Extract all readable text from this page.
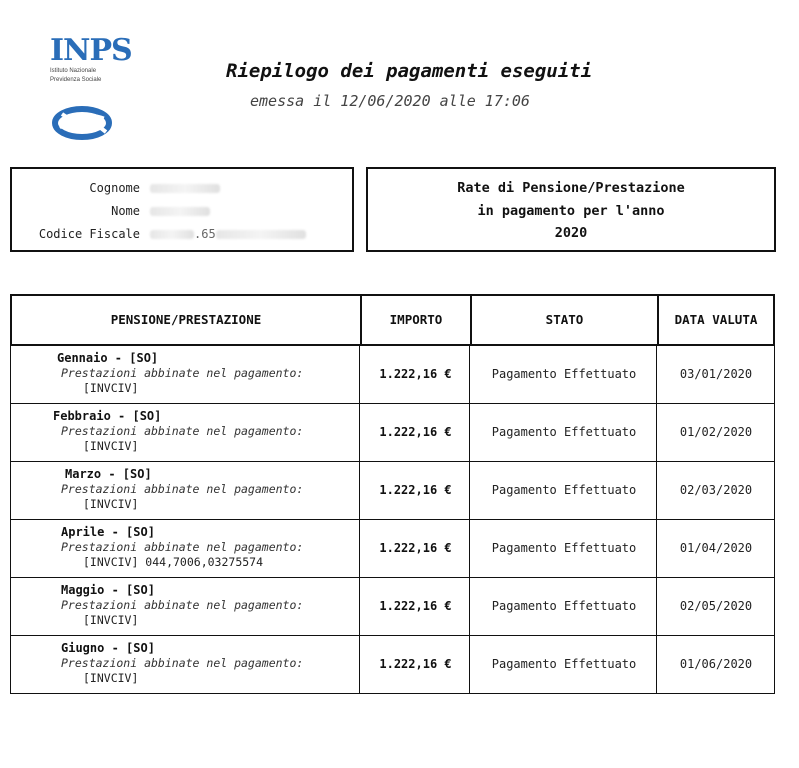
INPS
Istituto Nazionale
Previdenza Sociale	Riepilogo dei pagamenti eseguiti
emessa il 12/06/2020 alle 17:06
Cognome
Nome
Codice Fiscale	.65
Rate di Pensione/Prestazione
in pagamento per l'anno
2020
PENSIONE/PRESTAZIONE	IMPORTO	STATO	DATA VALUTA
Gennaio - [SO]
Prestazioni abbinate nel pagamento:
[INVCIV]
1.222,16 €	Pagamento Effettuato	03/01/2020
Febbraio - [SO]
Prestazioni abbinate nel pagamento:
[INVCIV]
1.222,16 €	Pagamento Effettuato	01/02/2020
Marzo - [SO]
Prestazioni abbinate nel pagamento:
[INVCIV]
1.222,16 €	Pagamento Effettuato	02/03/2020
Aprile - [SO]
Prestazioni abbinate nel pagamento:
[INVCIV] 044,7006,03275574
1.222,16 €	Pagamento Effettuato	01/04/2020
Maggio - [SO]
Prestazioni abbinate nel pagamento:
[INVCIV]
1.222,16 €	Pagamento Effettuato	02/05/2020
Giugno - [SO]
Prestazioni abbinate nel pagamento:
[INVCIV]
1.222,16 €	Pagamento Effettuato	01/06/2020
